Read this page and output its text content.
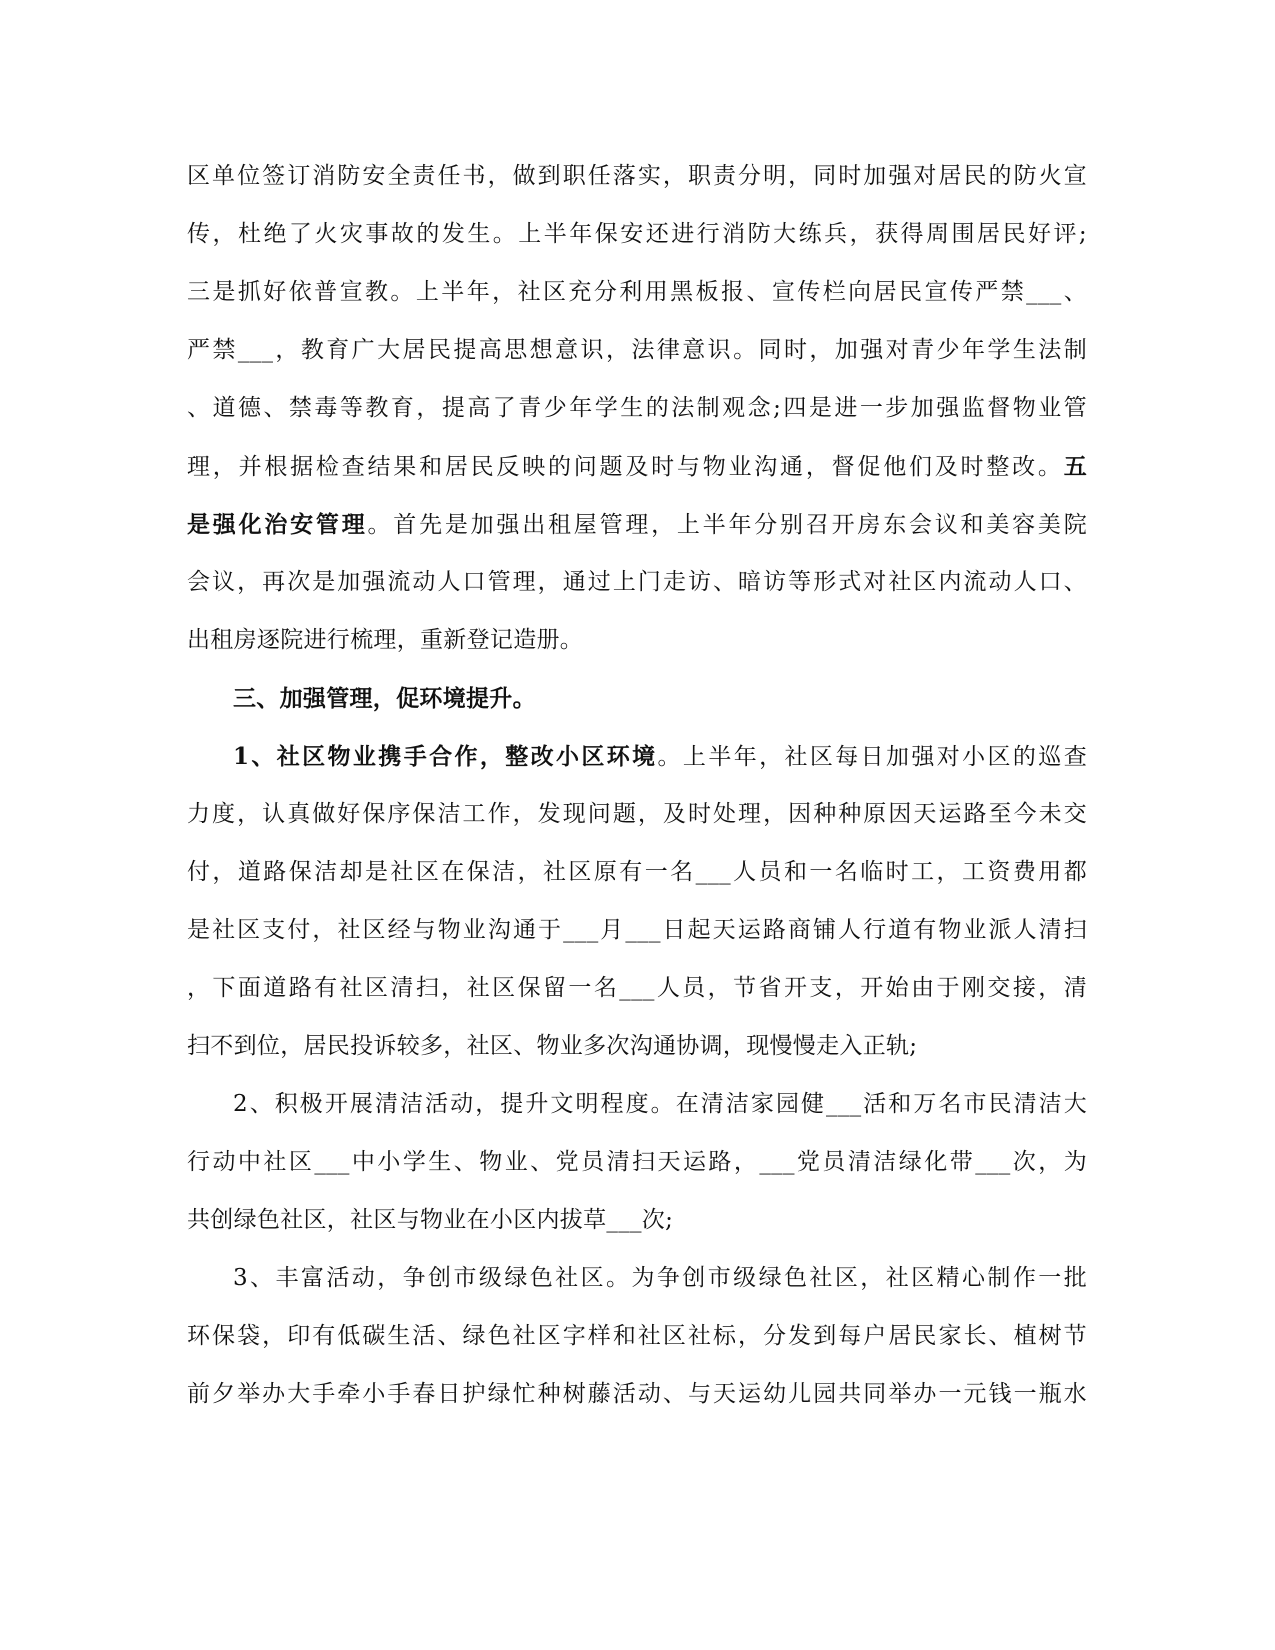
区单位签订消防安全责任书，做到职任落实，职责分明，同时加强对居民的防火宣
传，杜绝了火灾事故的发生。上半年保安还进行消防大练兵，获得周围居民好评;
三是抓好依普宣教。上半年，社区充分利用黑板报、宣传栏向居民宣传严禁___、
严禁___，教育广大居民提高思想意识，法律意识。同时，加强对青少年学生法制
、道德、禁毒等教育，提高了青少年学生的法制观念;四是进一步加强监督物业管
理，并根据检查结果和居民反映的问题及时与物业沟通，督促他们及时整改。五
是强化治安管理。首先是加强出租屋管理，上半年分别召开房东会议和美容美院
会议，再次是加强流动人口管理，通过上门走访、暗访等形式对社区内流动人口、
出租房逐院进行梳理，重新登记造册。
三、加强管理，促环境提升。
1、社区物业携手合作，整改小区环境。上半年，社区每日加强对小区的巡查
力度，认真做好保序保洁工作，发现问题，及时处理，因种种原因天运路至今未交
付，道路保洁却是社区在保洁，社区原有一名___人员和一名临时工，工资费用都
是社区支付，社区经与物业沟通于___月___日起天运路商铺人行道有物业派人清扫
，下面道路有社区清扫，社区保留一名___人员，节省开支，开始由于刚交接，清
扫不到位，居民投诉较多，社区、物业多次沟通协调，现慢慢走入正轨;
2、积极开展清洁活动，提升文明程度。在清洁家园健___活和万名市民清洁大
行动中社区___中小学生、物业、党员清扫天运路，___党员清洁绿化带___次，为
共创绿色社区，社区与物业在小区内拔草___次;
3、丰富活动，争创市级绿色社区。为争创市级绿色社区，社区精心制作一批
环保袋，印有低碳生活、绿色社区字样和社区社标，分发到每户居民家长、植树节
前夕举办大手牵小手春日护绿忙种树藤活动、与天运幼儿园共同举办一元钱一瓶水
